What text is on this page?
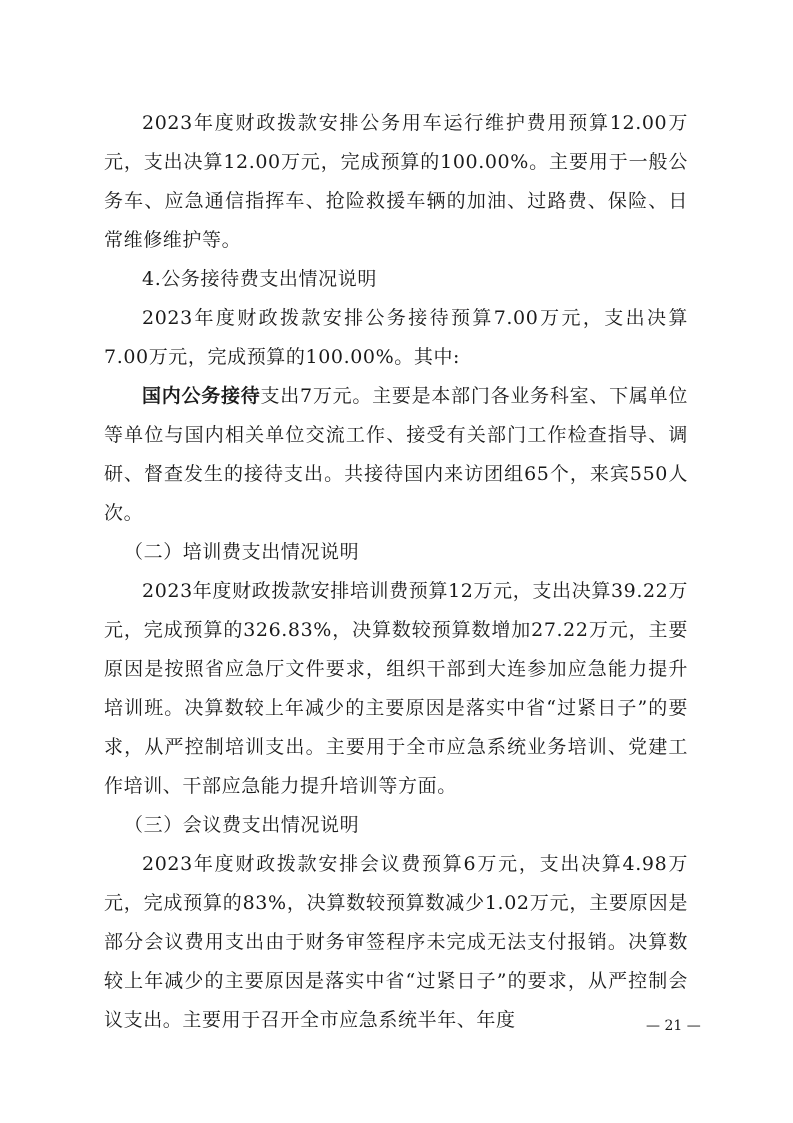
2023年度财政拨款安排公务用车运行维护费用预算12.00万元，支出决算12.00万元，完成预算的100.00%。主要用于一般公务车、应急通信指挥车、抢险救援车辆的加油、过路费、保险、日常维修维护等。

4.公务接待费支出情况说明

2023年度财政拨款安排公务接待预算7.00万元，支出决算7.00万元，完成预算的100.00%。其中:

国内公务接待支出7万元。主要是本部门各业务科室、下属单位等单位与国内相关单位交流工作、接受有关部门工作检查指导、调研、督查发生的接待支出。共接待国内来访团组65个，来宾550人次。

（二）培训费支出情况说明

2023年度财政拨款安排培训费预算12万元，支出决算39.22万元，完成预算的326.83%，决算数较预算数增加27.22万元，主要原因是按照省应急厅文件要求，组织干部到大连参加应急能力提升培训班。决算数较上年减少的主要原因是落实中省“过紧日子”的要求，从严控制培训支出。主要用于全市应急系统业务培训、党建工作培训、干部应急能力提升培训等方面。

（三）会议费支出情况说明

2023年度财政拨款安排会议费预算6万元，支出决算4.98万元，完成预算的83%，决算数较预算数减少1.02万元，主要原因是部分会议费用支出由于财务审签程序未完成无法支付报销。决算数较上年减少的主要原因是落实中省“过紧日子”的要求，从严控制会议支出。主要用于召开全市应急系统半年、年度	— 21 —
